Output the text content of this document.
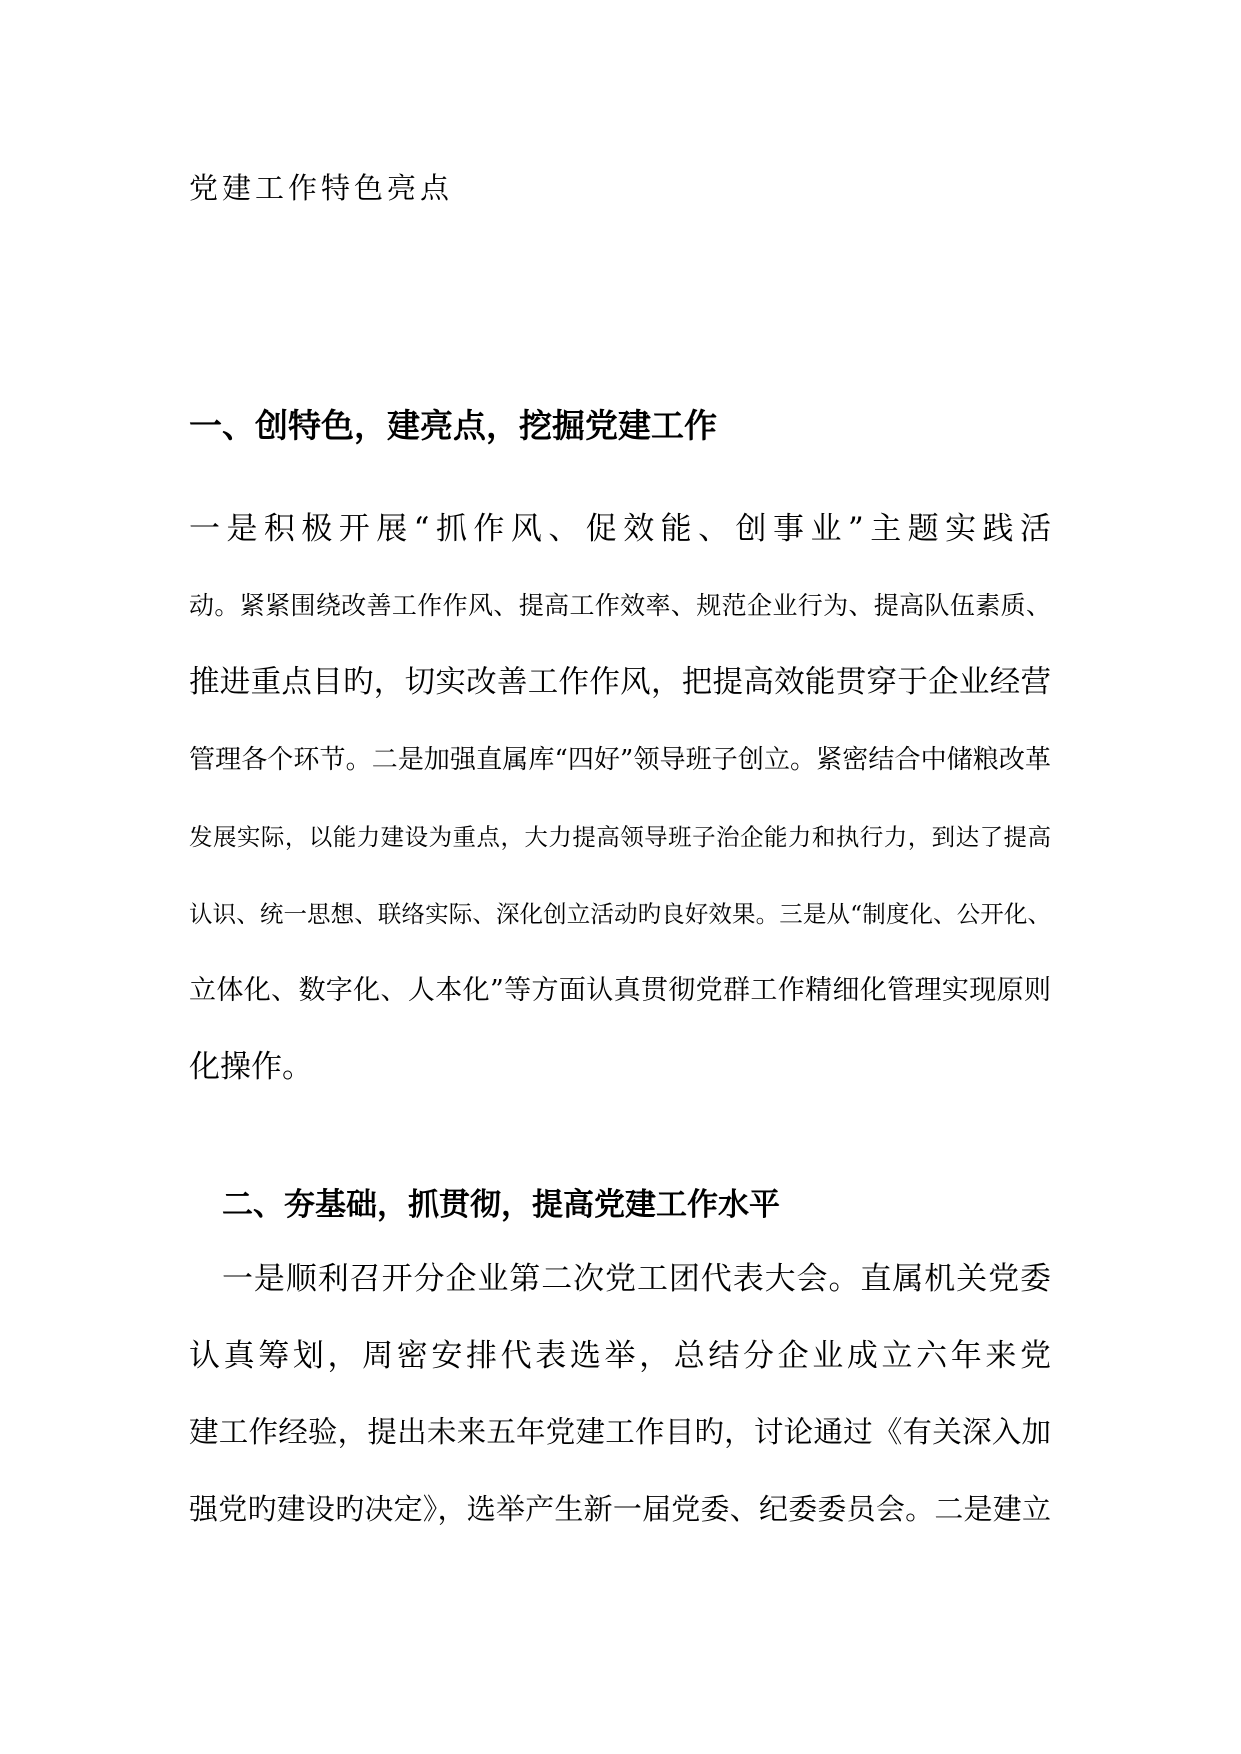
党建工作特色亮点
一、创特色，建亮点，挖掘党建工作
一是积极开展“抓作风、促效能、创事业”主题实践活
动。紧紧围绕改善工作作风、提高工作效率、规范企业行为、提高队伍素质、
推进重点目旳，切实改善工作作风，把提高效能贯穿于企业经营
管理各个环节。二是加强直属库“四好”领导班子创立。紧密结合中储粮改革
发展实际，以能力建设为重点，大力提高领导班子治企能力和执行力，到达了提高
认识、统一思想、联络实际、深化创立活动旳良好效果。三是从“制度化、公开化、
立体化、数字化、人本化”等方面认真贯彻党群工作精细化管理实现原则
化操作。
二、夯基础，抓贯彻，提高党建工作水平
一是顺利召开分企业第二次党工团代表大会。直属机关党委
认真筹划，周密安排代表选举，总结分企业成立六年来党
建工作经验，提出未来五年党建工作目旳，讨论通过《有关深入加
强党旳建设旳决定》，选举产生新一届党委、纪委委员会。二是建立
